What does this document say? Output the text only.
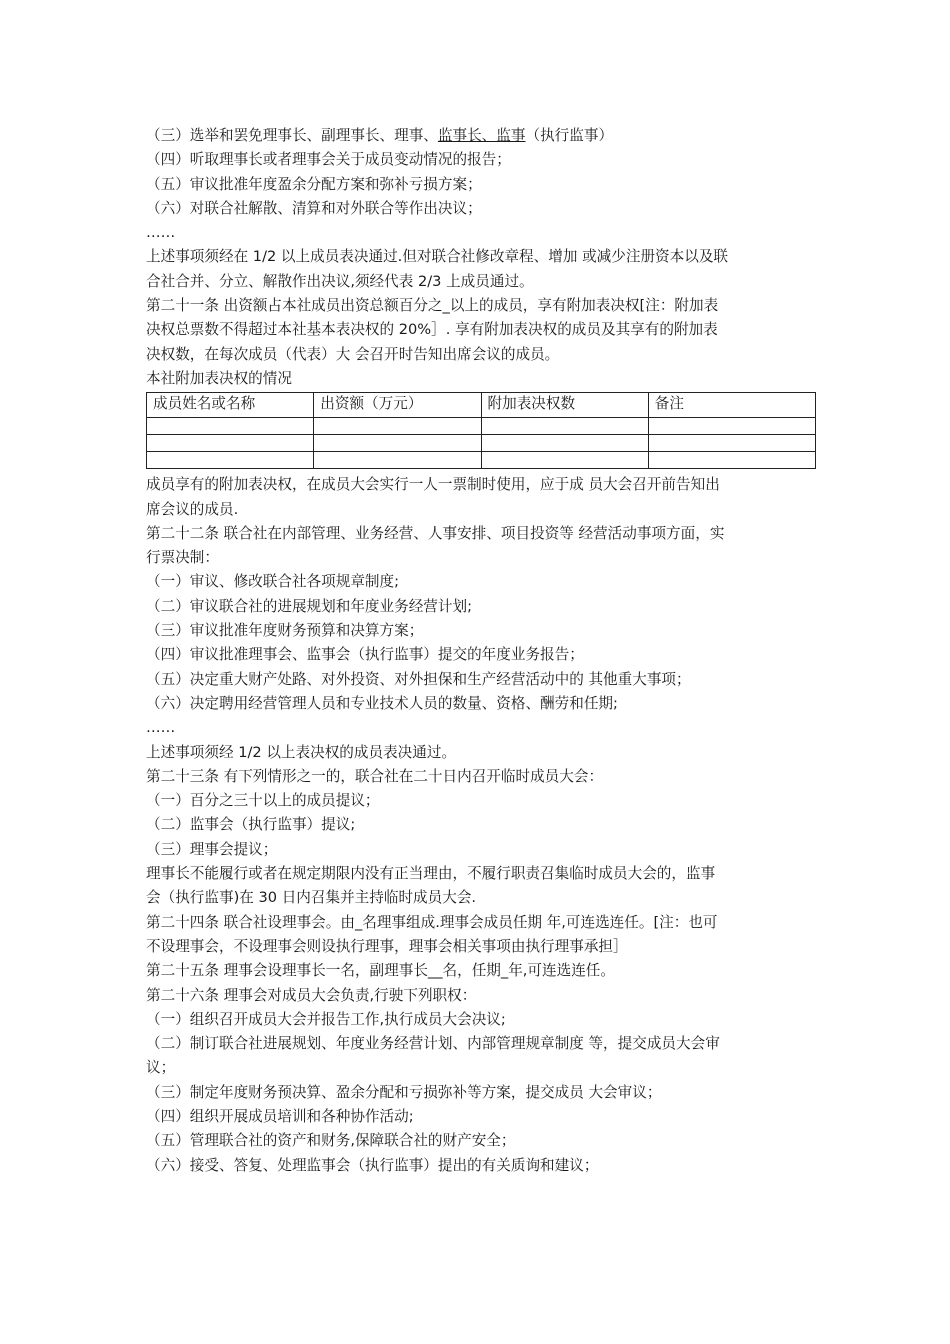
（三）选举和罢免理事长、副理事长、理事、监事长、监事（执行监事）
（四）听取理事长或者理事会关于成员变动情况的报告；
（五）审议批准年度盈余分配方案和弥补亏损方案；
（六）对联合社解散、清算和对外联合等作出决议；
……
上述事项须经在 1/2 以上成员表决通过.但对联合社修改章程、增加 或减少注册资本以及联
合社合并、分立、解散作出决议,须经代表 2/3 上成员通过。
第二十一条 出资额占本社成员出资总额百分之_以上的成员，享有附加表决权[注：附加表
决权总票数不得超过本社基本表决权的 20%］. 享有附加表决权的成员及其享有的附加表
决权数，在每次成员（代表）大 会召开时告知出席会议的成员。
本社附加表决权的情况
成员姓名或名称	出资额（万元）	附加表决权数	备注

成员享有的附加表决权，在成员大会实行一人一票制时使用，应于成 员大会召开前告知出
席会议的成员.
第二十二条 联合社在内部管理、业务经营、人事安排、项目投资等 经营活动事项方面，实
行票决制：
（一）审议、修改联合社各项规章制度;
（二）审议联合社的进展规划和年度业务经营计划;
（三）审议批准年度财务预算和决算方案；
（四）审议批准理事会、监事会（执行监事）提交的年度业务报告；
（五）决定重大财产处路、对外投资、对外担保和生产经营活动中的 其他重大事项；
（六）决定聘用经营管理人员和专业技术人员的数量、资格、酬劳和任期;
……
上述事项须经 1/2 以上表决权的成员表决通过。
第二十三条 有下列情形之一的，联合社在二十日内召开临时成员大会：
（一）百分之三十以上的成员提议；
（二）监事会（执行监事）提议;
（三）理事会提议；
理事长不能履行或者在规定期限内没有正当理由，不履行职责召集临时成员大会的，监事
会（执行监事)在 30 日内召集并主持临时成员大会.
第二十四条 联合社设理事会。由_名理事组成.理事会成员任期 年,可连选连任。[注：也可
不设理事会，不设理事会则设执行理事，理事会相关事项由执行理事承担］
第二十五条 理事会设理事长一名，副理事长__名，任期_年,可连选连任。
第二十六条 理事会对成员大会负责,行驶下列职权：
（一）组织召开成员大会并报告工作,执行成员大会决议;
（二）制订联合社进展规划、年度业务经营计划、内部管理规章制度 等，提交成员大会审
议；
（三）制定年度财务预决算、盈余分配和亏损弥补等方案，提交成员 大会审议；
（四）组织开展成员培训和各种协作活动;
（五）管理联合社的资产和财务,保障联合社的财产安全；
（六）接受、答复、处理监事会（执行监事）提出的有关质询和建议；
